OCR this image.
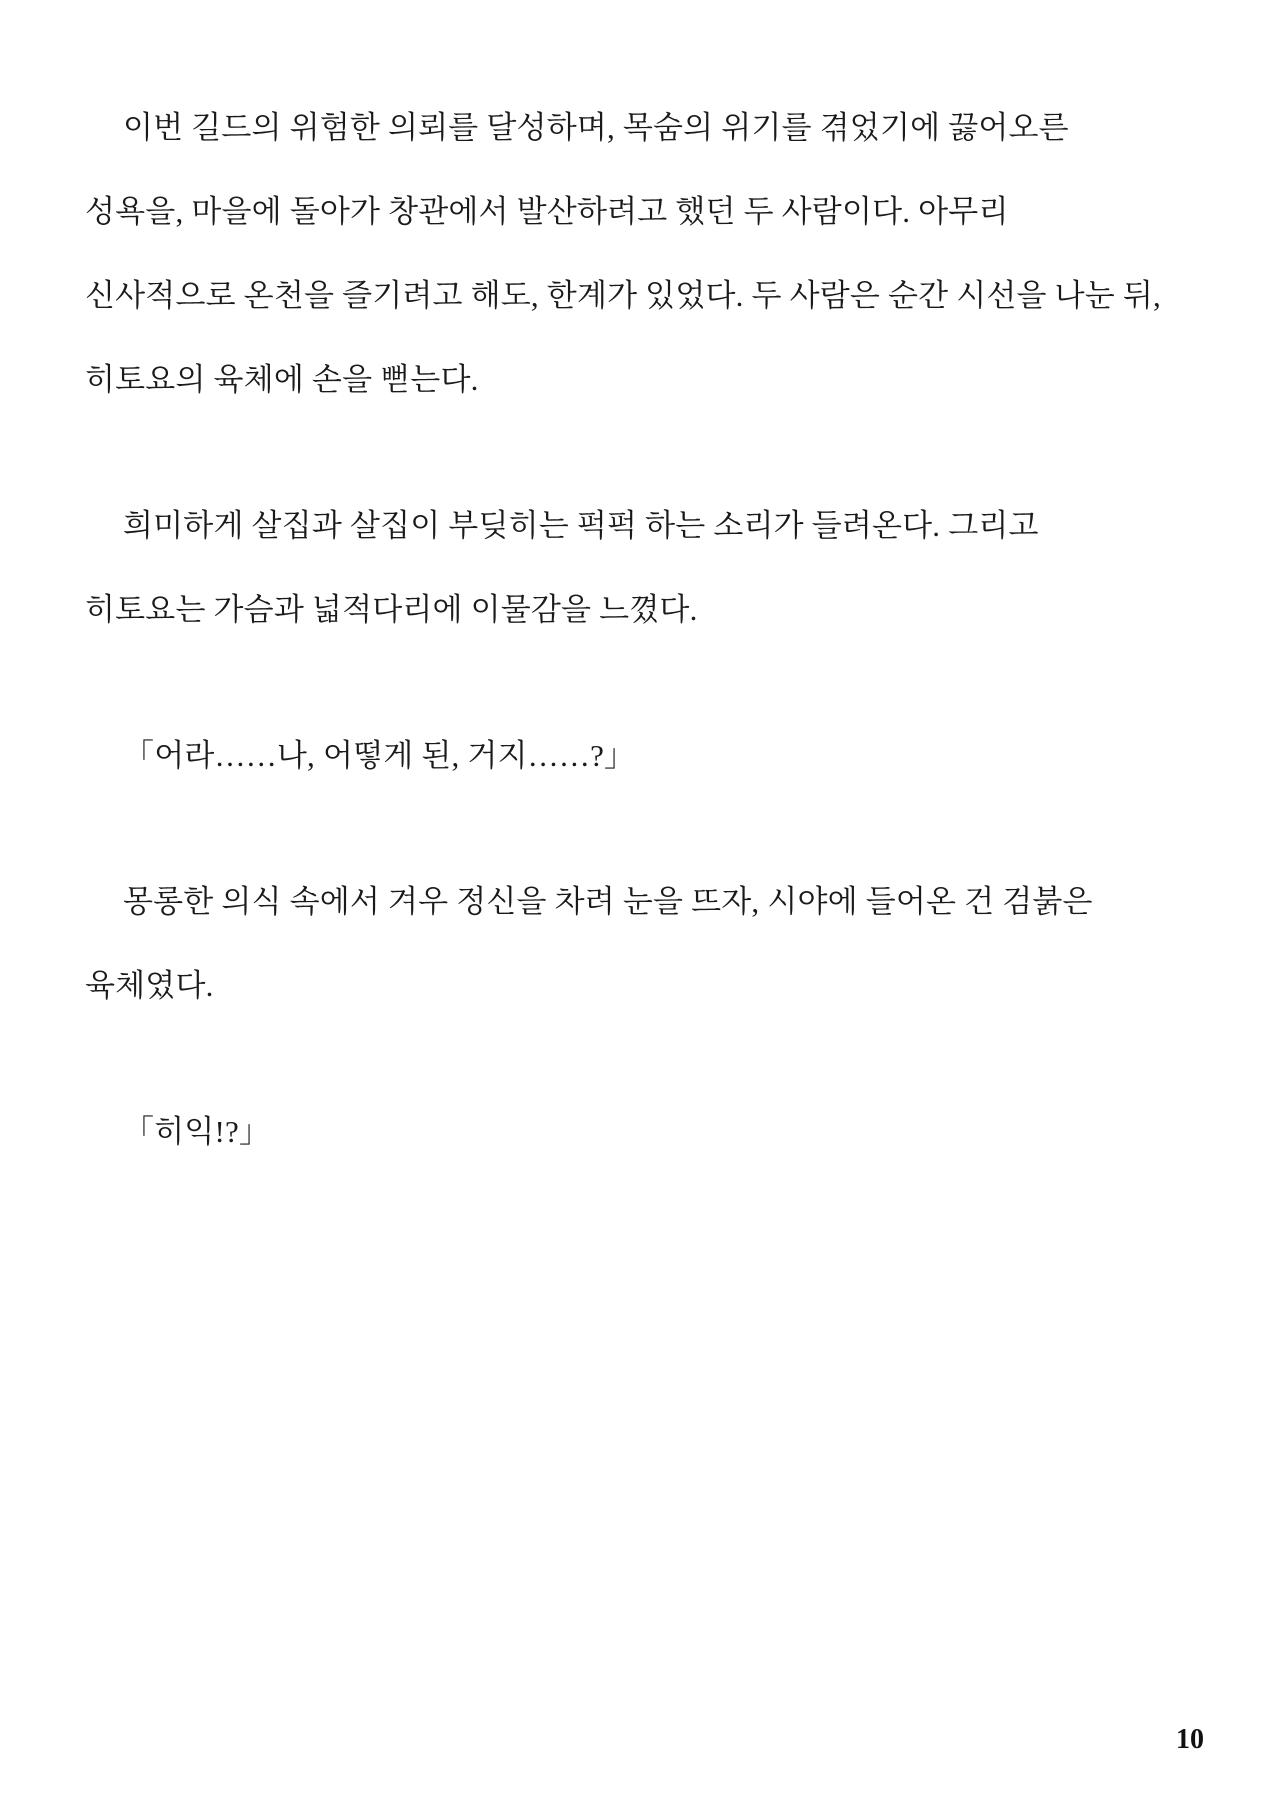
이번 길드의 위험한 의뢰를 달성하며, 목숨의 위기를 겪었기에 끓어오른 성욕을, 마을에 돌아가 창관에서 발산하려고 했던 두 사람이다. 아무리 신사적으로 온천을 즐기려고 해도, 한계가 있었다. 두 사람은 순간 시선을 나눈 뒤, 히토요의 육체에 손을 뻗는다.

희미하게 살집과 살집이 부딪히는 퍽퍽 하는 소리가 들려온다. 그리고 히토요는 가슴과 넓적다리에 이물감을 느꼈다.

「어라……나, 어떻게 된, 거지……?」

몽롱한 의식 속에서 겨우 정신을 차려 눈을 뜨자, 시야에 들어온 건 검붉은 육체였다.

「히익!?」

10
